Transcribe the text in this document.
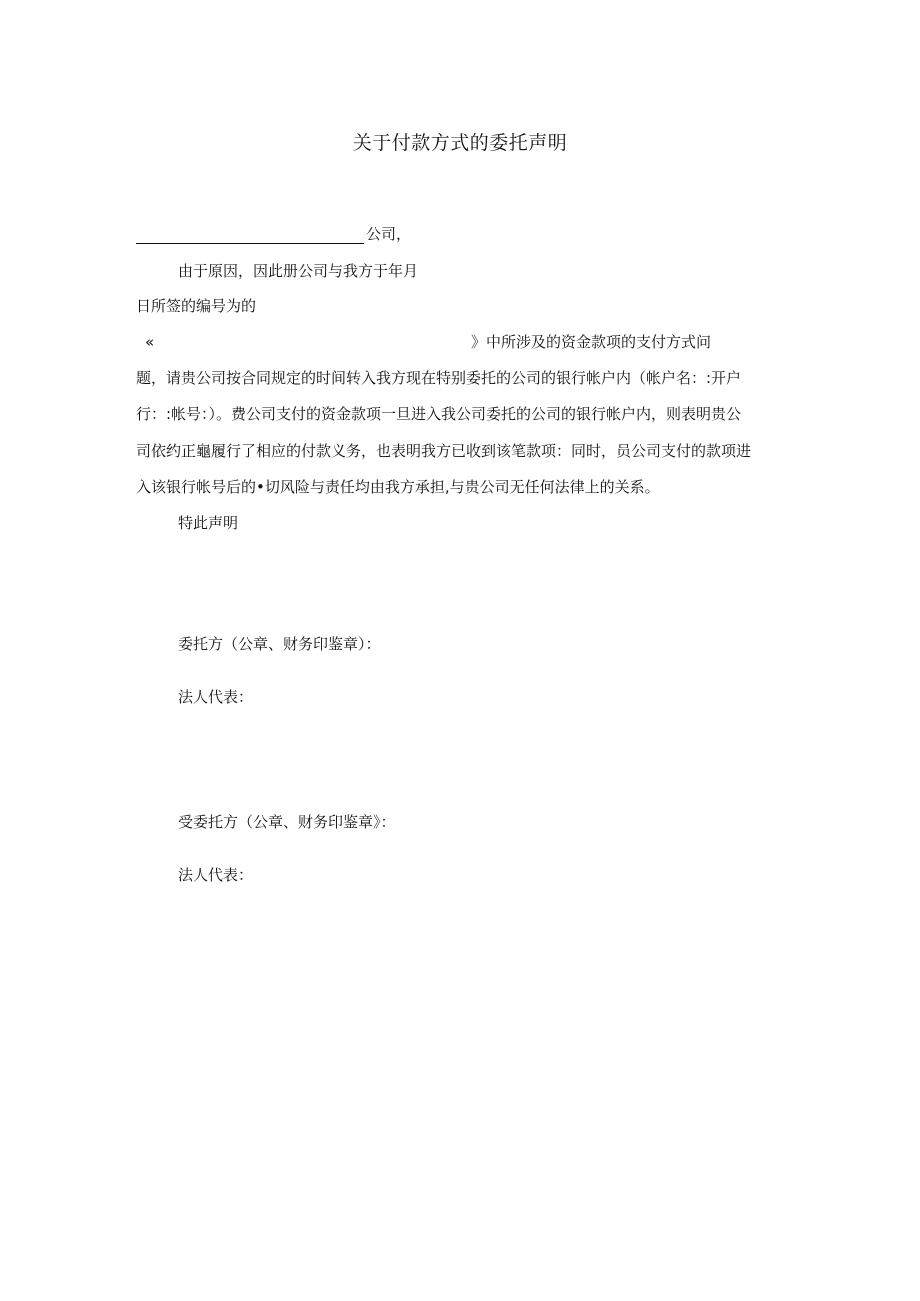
关于付款方式的委托声明
公司，
由于原因，因此册公司与我方于年月
日所签的编号为的
«	》中所涉及的资金款项的支付方式问
题，请贵公司按合同规定的时间转入我方现在特别委托的公司的银行帐户内（帐户名：:开户
行：:帐号：）。费公司支付的资金款项一旦进入我公司委托的公司的银行帐户内，则表明贵公
司依约正龜履行了相应的付款义务，也表明我方已收到该笔款项：同时，员公司支付的款项进
入该银行帐号后的•切风险与责任均由我方承担,与贵公司无任何法律上的关系。
特此声明
委托方（公章、财务印鉴章）：
法人代表：
受委托方（公章、财务印鉴章》：
法人代表：
